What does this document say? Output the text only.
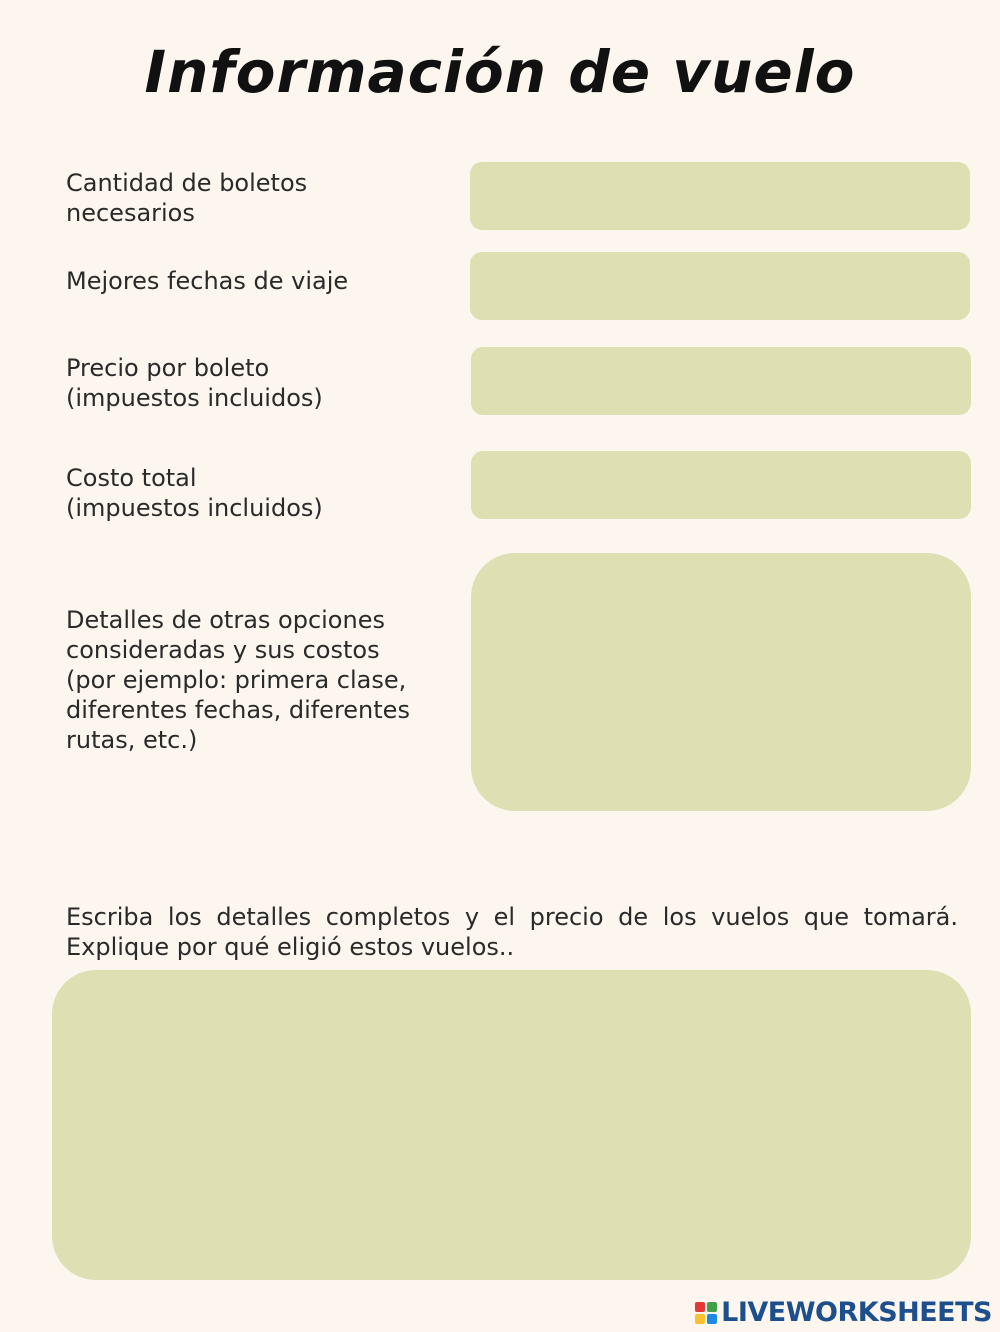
Información de vuelo

Cantidad de boletos
necesarios

Mejores fechas de viaje

Precio por boleto
(impuestos incluidos)

Costo total
(impuestos incluidos)

Detalles de otras opciones
consideradas y sus costos
(por ejemplo: primera clase,
diferentes fechas, diferentes
rutas, etc.)

Escriba los detalles completos y el precio de los vuelos que tomará. Explique por qué eligió estos vuelos..

LIVEWORKSHEETS
